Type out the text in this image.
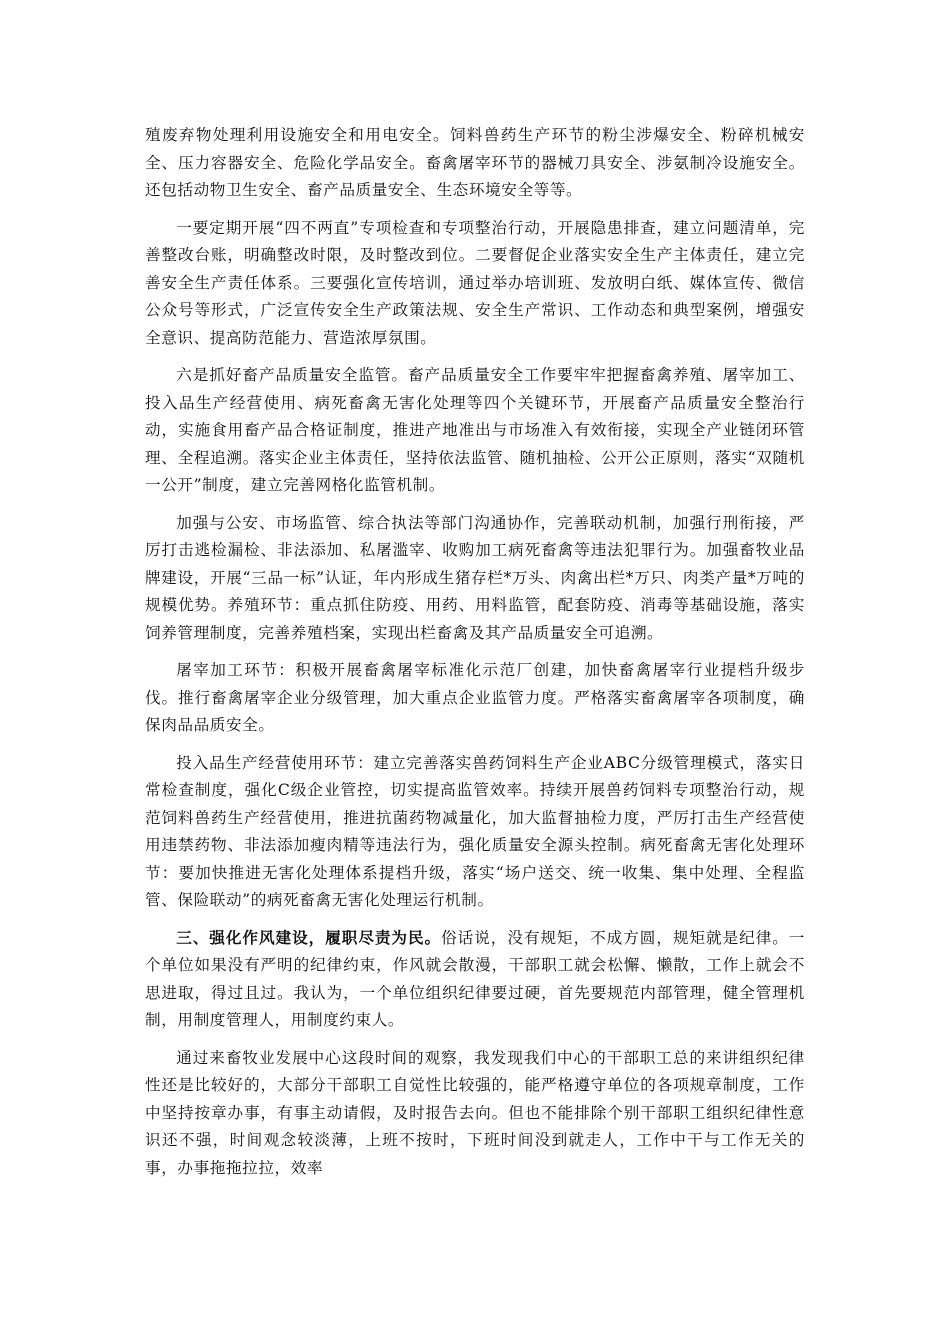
殖废弃物处理利用设施安全和用电安全。饲料兽药生产环节的粉尘涉爆安全、粉碎机械安全、压力容器安全、危险化学品安全。畜禽屠宰环节的器械刀具安全、涉氨制冷设施安全。还包括动物卫生安全、畜产品质量安全、生态环境安全等等。

一要定期开展“四不两直”专项检查和专项整治行动，开展隐患排查，建立问题清单，完善整改台账，明确整改时限，及时整改到位。二要督促企业落实安全生产主体责任，建立完善安全生产责任体系。三要强化宣传培训，通过举办培训班、发放明白纸、媒体宣传、微信公众号等形式，广泛宣传安全生产政策法规、安全生产常识、工作动态和典型案例，增强安全意识、提高防范能力、营造浓厚氛围。

六是抓好畜产品质量安全监管。畜产品质量安全工作要牢牢把握畜禽养殖、屠宰加工、投入品生产经营使用、病死畜禽无害化处理等四个关键环节，开展畜产品质量安全整治行动，实施食用畜产品合格证制度，推进产地准出与市场准入有效衔接，实现全产业链闭环管理、全程追溯。落实企业主体责任，坚持依法监管、随机抽检、公开公正原则，落实“双随机一公开”制度，建立完善网格化监管机制。

加强与公安、市场监管、综合执法等部门沟通协作，完善联动机制，加强行刑衔接，严厉打击逃检漏检、非法添加、私屠滥宰、收购加工病死畜禽等违法犯罪行为。加强畜牧业品牌建设，开展“三品一标”认证，年内形成生猪存栏*万头、肉禽出栏*万只、肉类产量*万吨的规模优势。养殖环节：重点抓住防疫、用药、用料监管，配套防疫、消毒等基础设施，落实饲养管理制度，完善养殖档案，实现出栏畜禽及其产品质量安全可追溯。

屠宰加工环节：积极开展畜禽屠宰标准化示范厂创建，加快畜禽屠宰行业提档升级步伐。推行畜禽屠宰企业分级管理，加大重点企业监管力度。严格落实畜禽屠宰各项制度，确保肉品品质安全。

投入品生产经营使用环节：建立完善落实兽药饲料生产企业ABC分级管理模式，落实日常检查制度，强化C级企业管控，切实提高监管效率。持续开展兽药饲料专项整治行动，规范饲料兽药生产经营使用，推进抗菌药物减量化，加大监督抽检力度，严厉打击生产经营使用违禁药物、非法添加瘦肉精等违法行为，强化质量安全源头控制。病死畜禽无害化处理环节：要加快推进无害化处理体系提档升级，落实“场户送交、统一收集、集中处理、全程监管、保险联动”的病死畜禽无害化处理运行机制。

三、强化作风建设，履职尽责为民。俗话说，没有规矩，不成方圆，规矩就是纪律。一个单位如果没有严明的纪律约束，作风就会散漫，干部职工就会松懈、懒散，工作上就会不思进取，得过且过。我认为，一个单位组织纪律要过硬，首先要规范内部管理，健全管理机制，用制度管理人，用制度约束人。

通过来畜牧业发展中心这段时间的观察，我发现我们中心的干部职工总的来讲组织纪律性还是比较好的，大部分干部职工自觉性比较强的，能严格遵守单位的各项规章制度，工作中坚持按章办事，有事主动请假，及时报告去向。但也不能排除个别干部职工组织纪律性意识还不强，时间观念较淡薄，上班不按时，下班时间没到就走人，工作中干与工作无关的事，办事拖拖拉拉，效率
